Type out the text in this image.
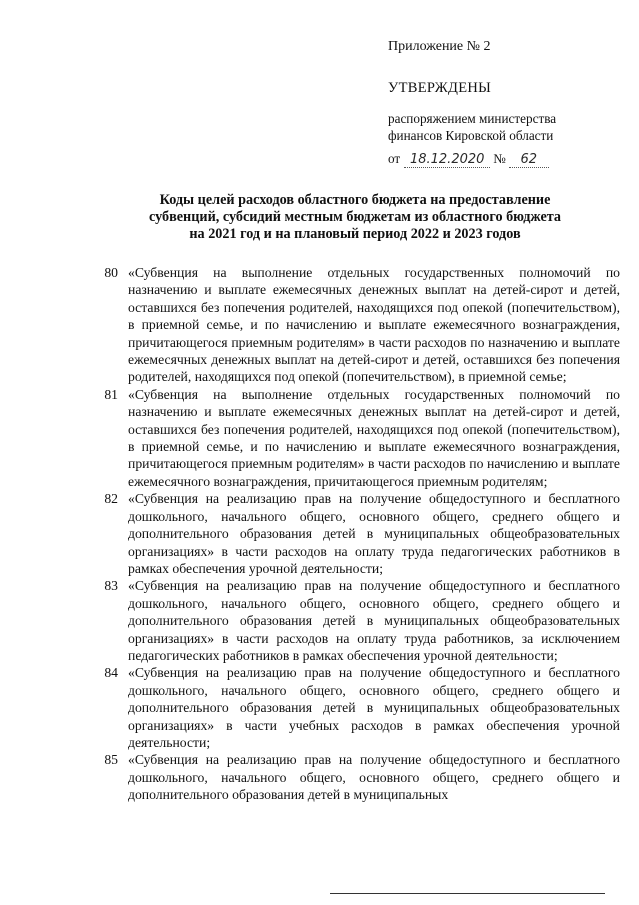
Приложение № 2
УТВЕРЖДЕНЫ
распоряжением министерства
финансов Кировской области
от 18.12.2020 №	62
Коды целей расходов областного бюджета на предоставление
субвенций, субсидий местным бюджетам из областного бюджета
на 2021 год и на плановый период 2022 и 2023 годов
80 «Субвенция на выполнение отдельных государственных полномочий по назначению и выплате ежемесячных денежных выплат на детей-сирот и детей, оставшихся без попечения родителей, находящихся под опекой (попечительством), в приемной семье, и по начислению и выплате ежемесячного вознаграждения, причитающегося приемным родителям» в части расходов по назначению и выплате ежемесячных денежных выплат на детей-сирот и детей, оставшихся без попечения родителей, находящихся под опекой (попечительством), в приемной семье;
81 «Субвенция на выполнение отдельных государственных полномочий по назначению и выплате ежемесячных денежных выплат на детей-сирот и детей, оставшихся без попечения родителей, находящихся под опекой (попечительством), в приемной семье, и по начислению и выплате ежемесячного вознаграждения, причитающегося приемным родителям» в части расходов по начислению и выплате ежемесячного вознаграждения, причитающегося приемным родителям;
82 «Субвенция на реализацию прав на получение общедоступного и бесплатного дошкольного, начального общего, основного общего, среднего общего и дополнительного образования детей в муниципальных общеобразовательных организациях» в части расходов на оплату труда педагогических работников в рамках обеспечения урочной деятельности;
83 «Субвенция на реализацию прав на получение общедоступного и бесплатного дошкольного, начального общего, основного общего, среднего общего и дополнительного образования детей в муниципальных общеобразовательных организациях» в части расходов на оплату труда работников, за исключением педагогических работников в рамках обеспечения урочной деятельности;
84 «Субвенция на реализацию прав на получение общедоступного и бесплатного дошкольного, начального общего, основного общего, среднего общего и дополнительного образования детей в муниципальных общеобразовательных организациях» в части учебных расходов в рамках обеспечения урочной деятельности;
85 «Субвенция на реализацию прав на получение общедоступного и бесплатного дошкольного, начального общего, основного общего, среднего общего и дополнительного образования детей в муниципальных
